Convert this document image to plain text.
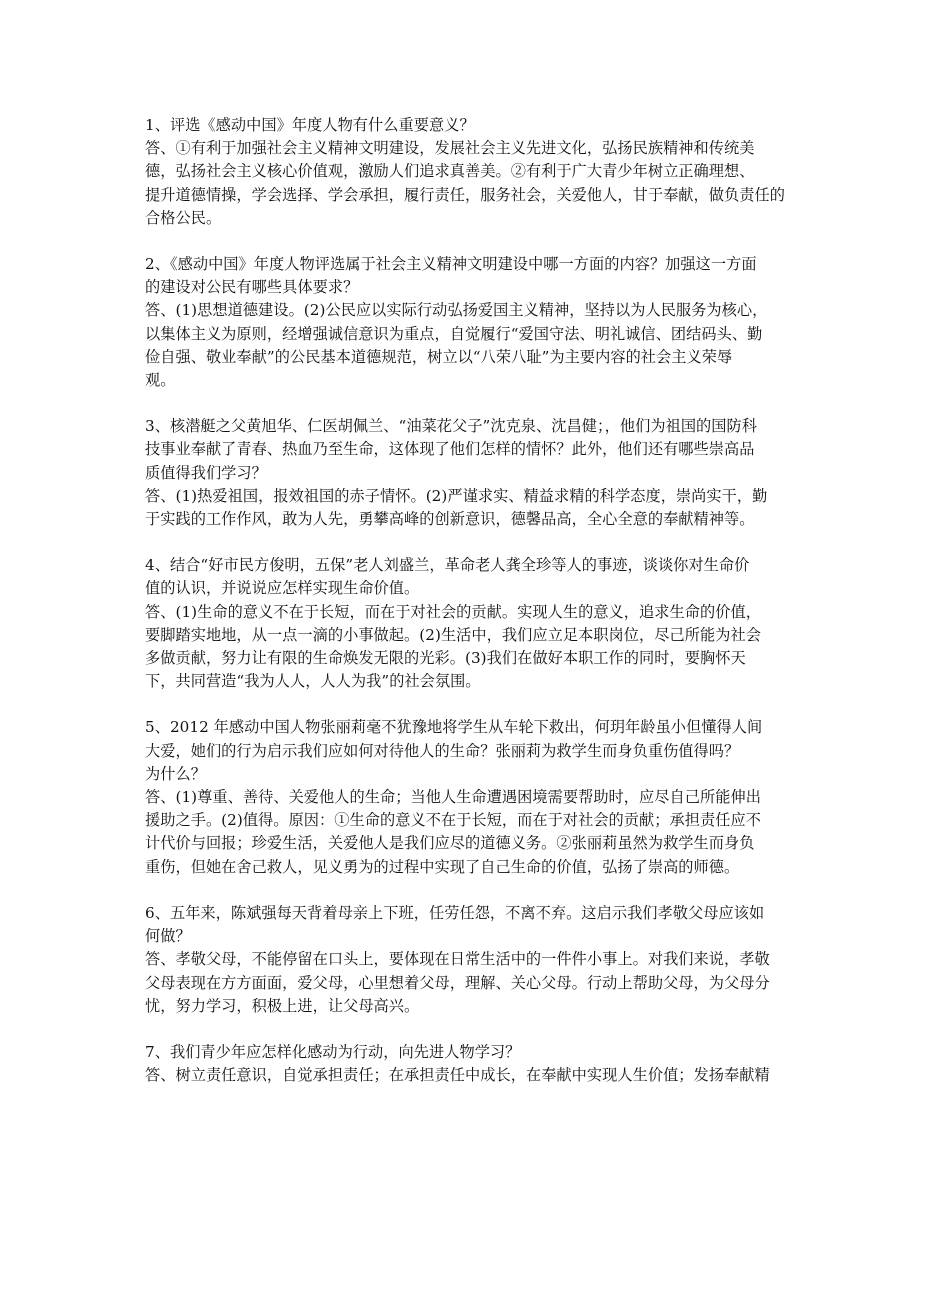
1、评选《感动中国》年度人物有什么重要意义？
答、①有利于加强社会主义精神文明建设，发展社会主义先进文化，弘扬民族精神和传统美
德，弘扬社会主义核心价值观，激励人们追求真善美。②有利于广大青少年树立正确理想、
提升道德情操，学会选择、学会承担，履行责任，服务社会，关爱他人，甘于奉献，做负责任的
合格公民。
2、《感动中国》年度人物评选属于社会主义精神文明建设中哪一方面的内容？加强这一方面
的建设对公民有哪些具体要求？
答、(1)思想道德建设。(2)公民应以实际行动弘扬爱国主义精神，坚持以为人民服务为核心，
以集体主义为原则，经增强诚信意识为重点，自觉履行“爱国守法、明礼诚信、团结码头、勤
俭自强、敬业奉献”的公民基本道德规范，树立以“八荣八耻”为主要内容的社会主义荣辱
观。
3、核潜艇之父黄旭华、仁医胡佩兰、“油菜花父子”沈克泉、沈昌健；，他们为祖国的国防科
技事业奉献了青春、热血乃至生命，这体现了他们怎样的情怀？此外，他们还有哪些崇高品
质值得我们学习？
答、(1)热爱祖国，报效祖国的赤子情怀。(2)严谨求实、精益求精的科学态度，崇尚实干，勤
于实践的工作作风，敢为人先，勇攀高峰的创新意识，德馨品高，全心全意的奉献精神等。
4、结合“好市民方俊明，五保”老人刘盛兰，革命老人龚全珍等人的事迹，谈谈你对生命价
值的认识，并说说应怎样实现生命价值。
答、(1)生命的意义不在于长短，而在于对社会的贡献。实现人生的意义，追求生命的价值，
要脚踏实地地，从一点一滴的小事做起。(2)生活中，我们应立足本职岗位，尽己所能为社会
多做贡献，努力让有限的生命焕发无限的光彩。(3)我们在做好本职工作的同时，要胸怀天
下，共同营造“我为人人，人人为我”的社会氛围。
5、2012 年感动中国人物张丽莉毫不犹豫地将学生从车轮下救出，何玥年龄虽小但懂得人间
大爱，她们的行为启示我们应如何对待他人的生命？张丽莉为救学生而身负重伤值得吗？
为什么？
答、(1)尊重、善待、关爱他人的生命；当他人生命遭遇困境需要帮助时，应尽自己所能伸出
援助之手。(2)值得。原因：①生命的意义不在于长短，而在于对社会的贡献；承担责任应不
计代价与回报；珍爱生活，关爱他人是我们应尽的道德义务。②张丽莉虽然为救学生而身负
重伤，但她在舍己救人，见义勇为的过程中实现了自己生命的价值，弘扬了崇高的师德。
6、五年来，陈斌强每天背着母亲上下班，任劳任怨，不离不弃。这启示我们孝敬父母应该如
何做？
答、孝敬父母，不能停留在口头上，要体现在日常生活中的一件件小事上。对我们来说，孝敬
父母表现在方方面面，爱父母，心里想着父母，理解、关心父母。行动上帮助父母，为父母分
忧，努力学习，积极上进，让父母高兴。
7、我们青少年应怎样化感动为行动，向先进人物学习？
答、树立责任意识，自觉承担责任；在承担责任中成长，在奉献中实现人生价值；发扬奉献精
